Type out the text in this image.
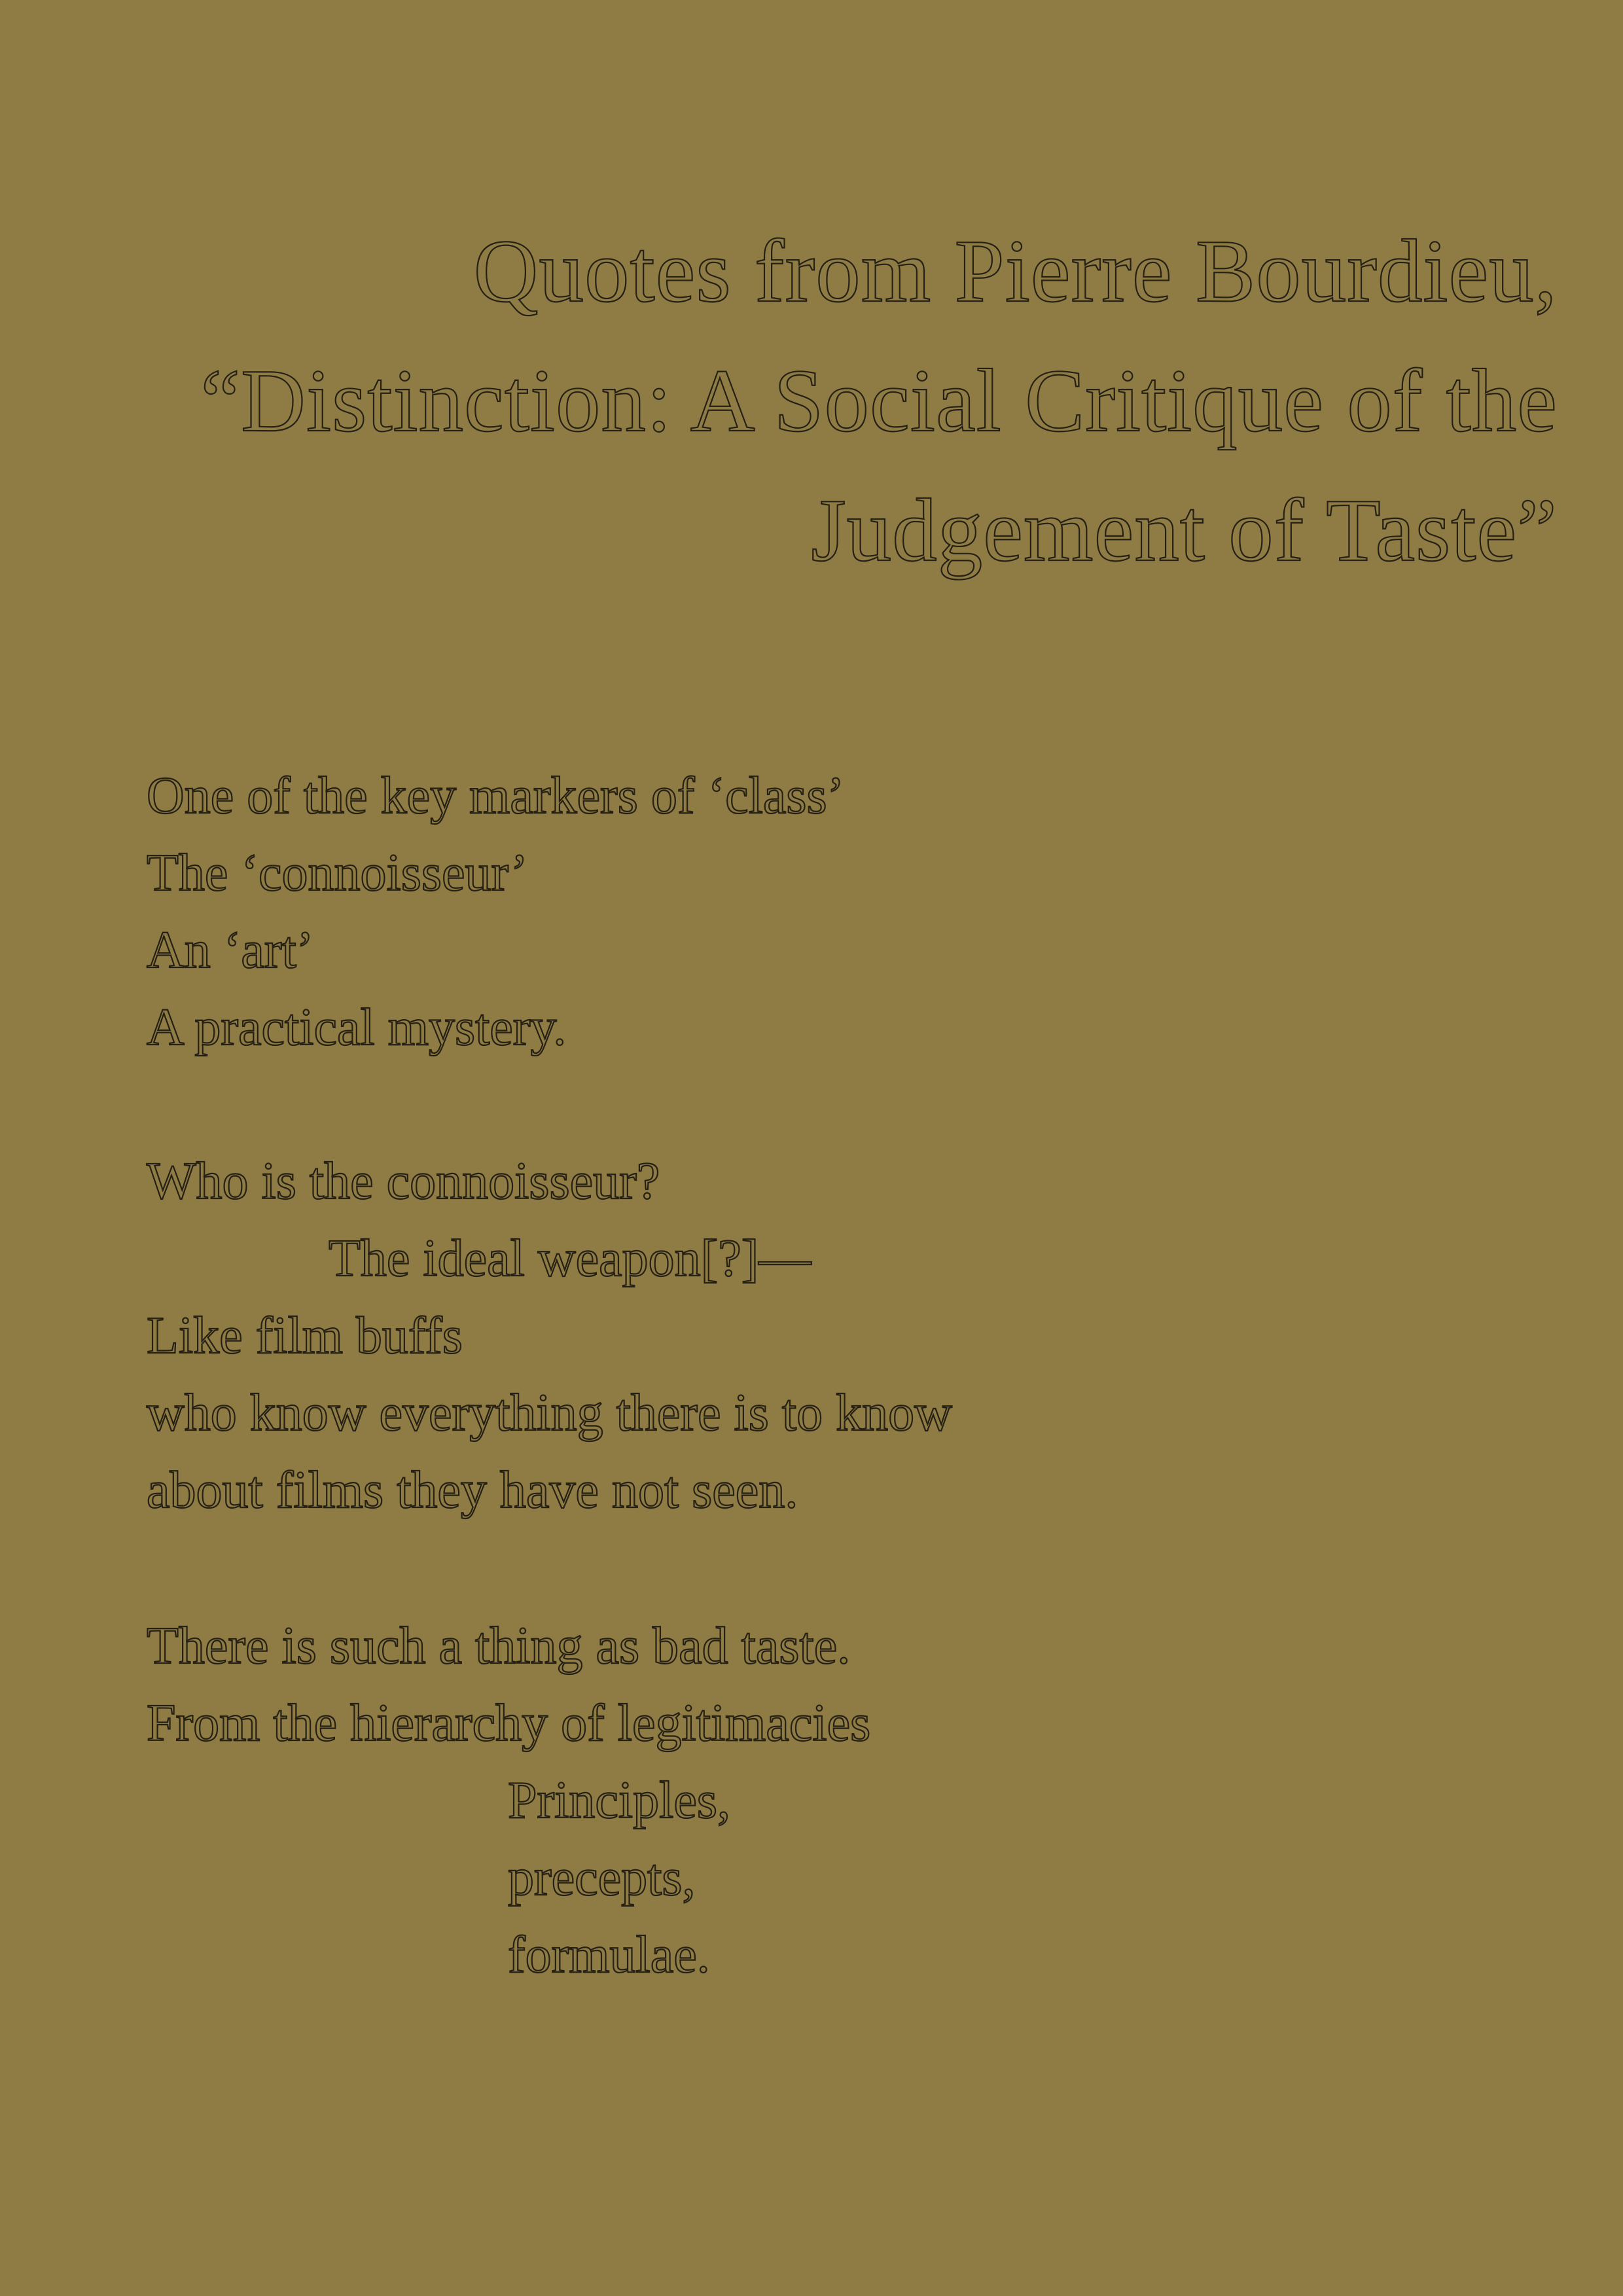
Quotes from Pierre Bourdieu,
“Distinction: A Social Critique of the
Judgement of Taste”
One of the key markers of ‘class’
The ‘connoisseur’
An ‘art’
A practical mystery.
Who is the connoisseur?
The ideal weapon[?]—
Like film buffs
who know everything there is to know
about films they have not seen.
There is such a thing as bad taste.
From the hierarchy of legitimacies
Principles,
precepts,
formulae.
